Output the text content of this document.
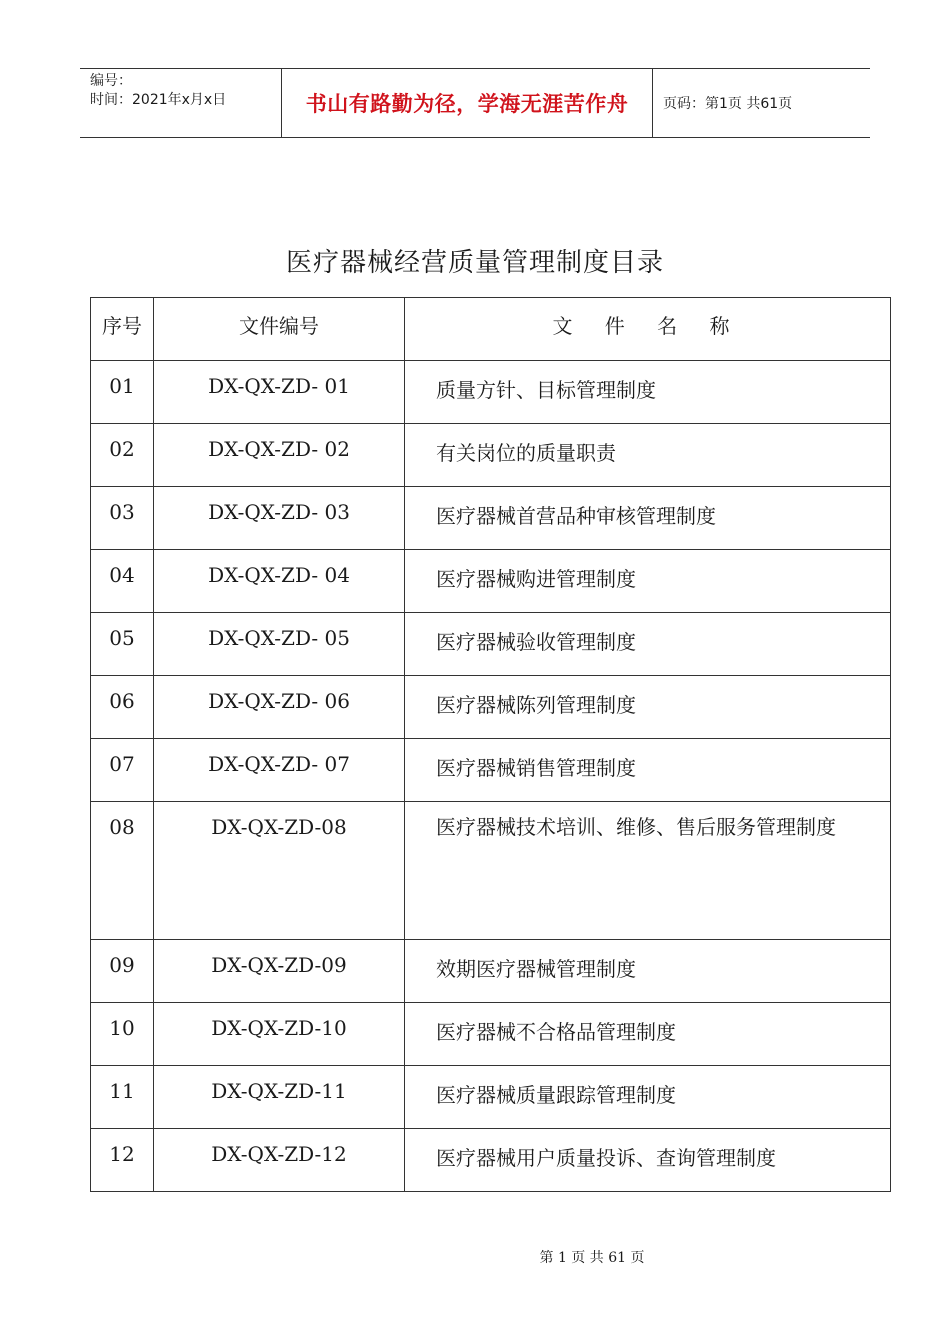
编号：
时间：2021年x月x日	书山有路勤为径，学海无涯苦作舟 页码：第1页 共61页
医疗器械经营质量管理制度目录
序号	文件编号	文 件 名 称
01	DX-QX-ZD- 01	质量方针、目标管理制度

02	DX-QX-ZD- 02	有关岗位的质量职责

03	DX-QX-ZD- 03	医疗器械首营品种审核管理制度

04	DX-QX-ZD- 04	医疗器械购进管理制度

05	DX-QX-ZD- 05	医疗器械验收管理制度

06	DX-QX-ZD- 06	医疗器械陈列管理制度

07	DX-QX-ZD- 07	医疗器械销售管理制度

08	DX-QX-ZD-08	医疗器械技术培训、维修、售后服务管理制度

09	DX-QX-ZD-09	效期医疗器械管理制度

10	DX-QX-ZD-10	医疗器械不合格品管理制度

11	DX-QX-ZD-11	医疗器械质量跟踪管理制度

12	DX-QX-ZD-12	医疗器械用户质量投诉、查询管理制度
第 1 页 共 61 页
